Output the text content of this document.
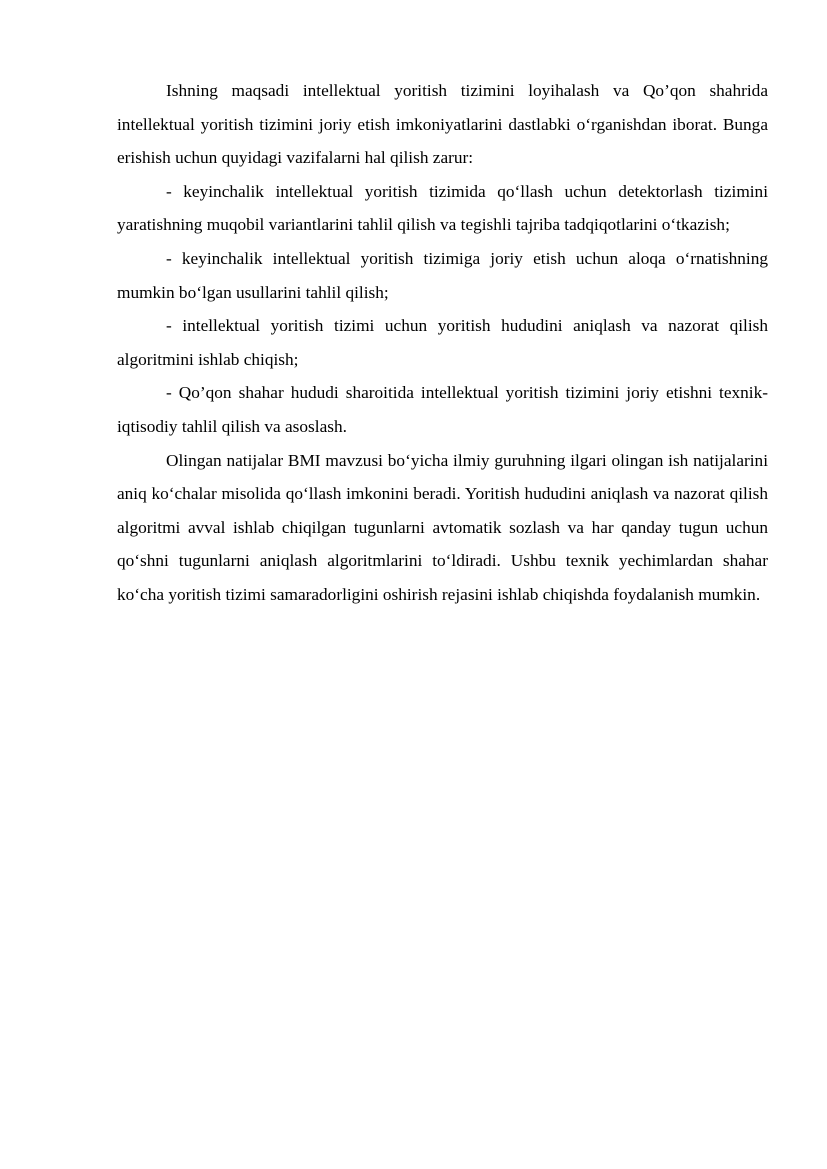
Ishning maqsadi intellektual yoritish tizimini loyihalash va Qo’qon shahrida intellektual yoritish tizimini joriy etish imkoniyatlarini dastlabki o‘rganishdan iborat. Bunga erishish uchun quyidagi vazifalarni hal qilish zarur:

- keyinchalik intellektual yoritish tizimida qo‘llash uchun detektorlash tizimini yaratishning muqobil variantlarini tahlil qilish va tegishli tajriba tadqiqotlarini o‘tkazish;

- keyinchalik intellektual yoritish tizimiga joriy etish uchun aloqa o‘rnatishning mumkin bo‘lgan usullarini tahlil qilish;

- intellektual yoritish tizimi uchun yoritish hududini aniqlash va nazorat qilish algoritmini ishlab chiqish;

- Qo’qon shahar hududi sharoitida intellektual yoritish tizimini joriy etishni texnik-iqtisodiy tahlil qilish va asoslash.

Olingan natijalar BMI mavzusi bo‘yicha ilmiy guruhning ilgari olingan ish natijalarini aniq ko‘chalar misolida qo‘llash imkonini beradi. Yoritish hududini aniqlash va nazorat qilish algoritmi avval ishlab chiqilgan tugunlarni avtomatik sozlash va har qanday tugun uchun qo‘shni tugunlarni aniqlash algoritmlarini to‘ldiradi. Ushbu texnik yechimlardan shahar ko‘cha yoritish tizimi samaradorligini oshirish rejasini ishlab chiqishda foydalanish mumkin.
